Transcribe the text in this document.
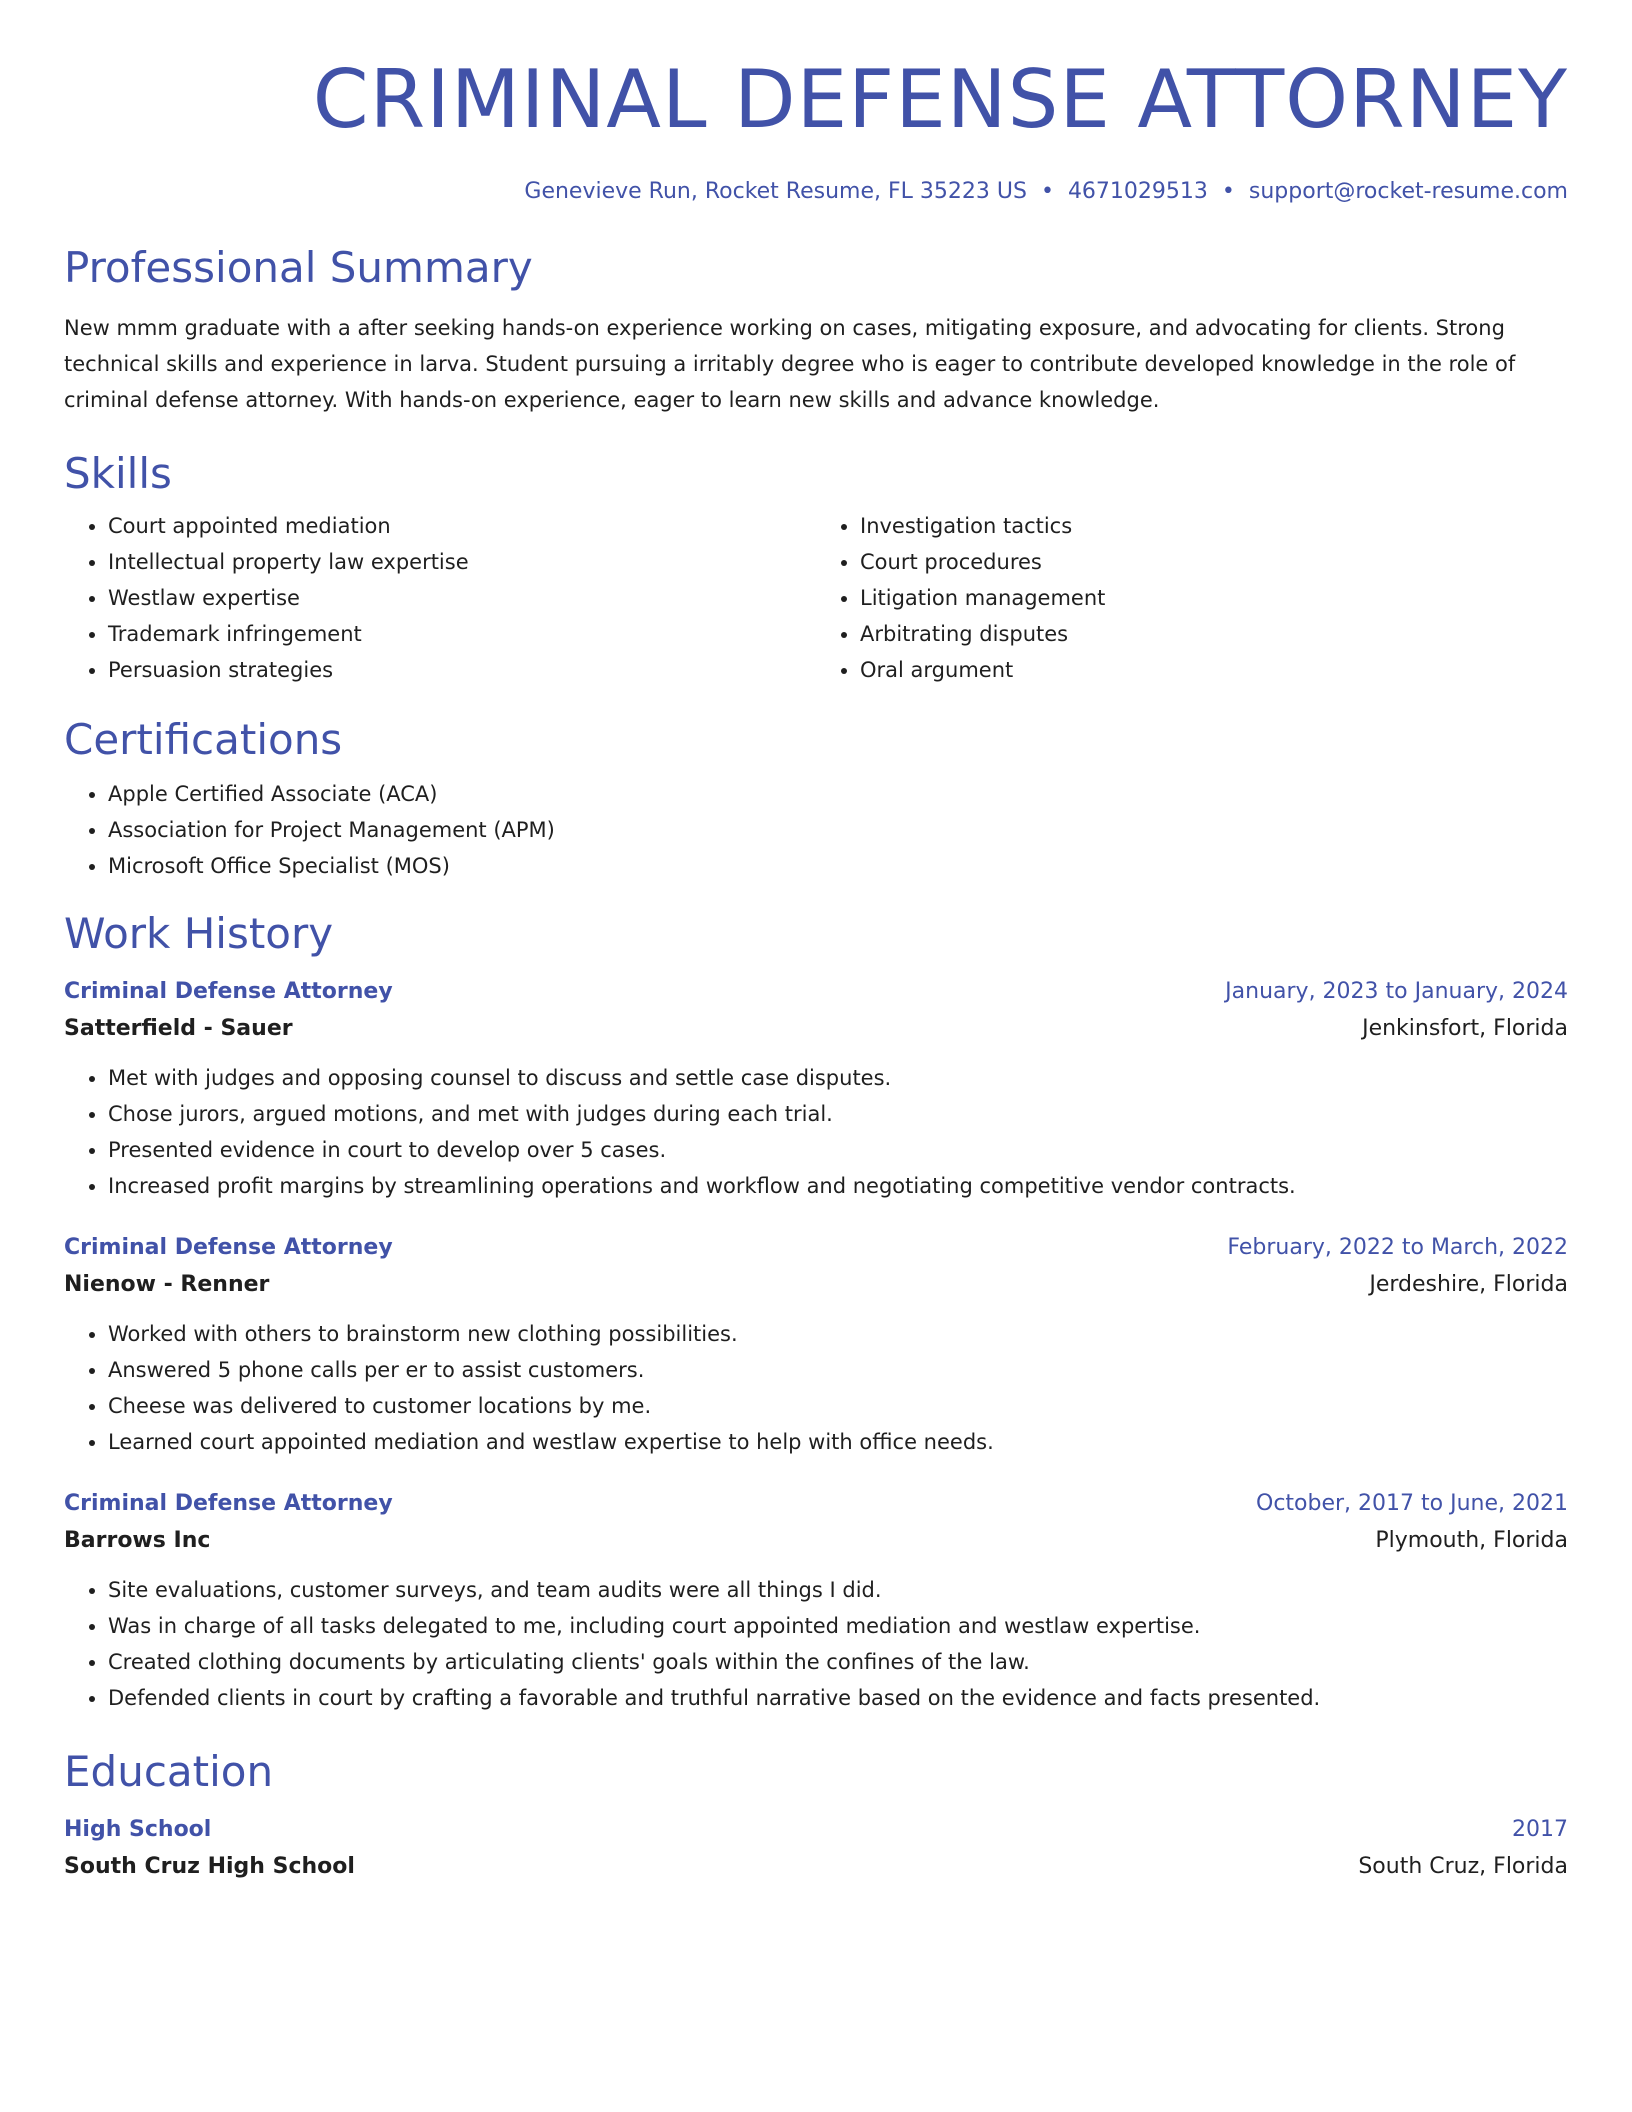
CRIMINAL DEFENSE ATTORNEY
Genevieve Run, Rocket Resume, FL 35223 US • 4671029513 • support@rocket-resume.com
Professional Summary
New mmm graduate with a after seeking hands-on experience working on cases, mitigating exposure, and advocating for clients. Strong technical skills and experience in larva. Student pursuing a irritably degree who is eager to contribute developed knowledge in the role of criminal defense attorney. With hands-on experience, eager to learn new skills and advance knowledge.
Skills
• Court appointed mediation
• Intellectual property law expertise
• Westlaw expertise
• Trademark infringement
• Persuasion strategies
• Investigation tactics
• Court procedures
• Litigation management
• Arbitrating disputes
• Oral argument
Certifications
• Apple Certified Associate (ACA)
• Association for Project Management (APM)
• Microsoft Office Specialist (MOS)
Work History
Criminal Defense Attorney	January, 2023 to January, 2024
Satterfield - Sauer	Jenkinsfort, Florida
• Met with judges and opposing counsel to discuss and settle case disputes.
• Chose jurors, argued motions, and met with judges during each trial.
• Presented evidence in court to develop over 5 cases.
• Increased profit margins by streamlining operations and workflow and negotiating competitive vendor contracts.
Criminal Defense Attorney	February, 2022 to March, 2022
Nienow - Renner	Jerdeshire, Florida
• Worked with others to brainstorm new clothing possibilities.
• Answered 5 phone calls per er to assist customers.
• Cheese was delivered to customer locations by me.
• Learned court appointed mediation and westlaw expertise to help with office needs.
Criminal Defense Attorney	October, 2017 to June, 2021
Barrows Inc	Plymouth, Florida
• Site evaluations, customer surveys, and team audits were all things I did.
• Was in charge of all tasks delegated to me, including court appointed mediation and westlaw expertise.
• Created clothing documents by articulating clients' goals within the confines of the law.
• Defended clients in court by crafting a favorable and truthful narrative based on the evidence and facts presented.
Education
High School	2017
South Cruz High School	South Cruz, Florida
